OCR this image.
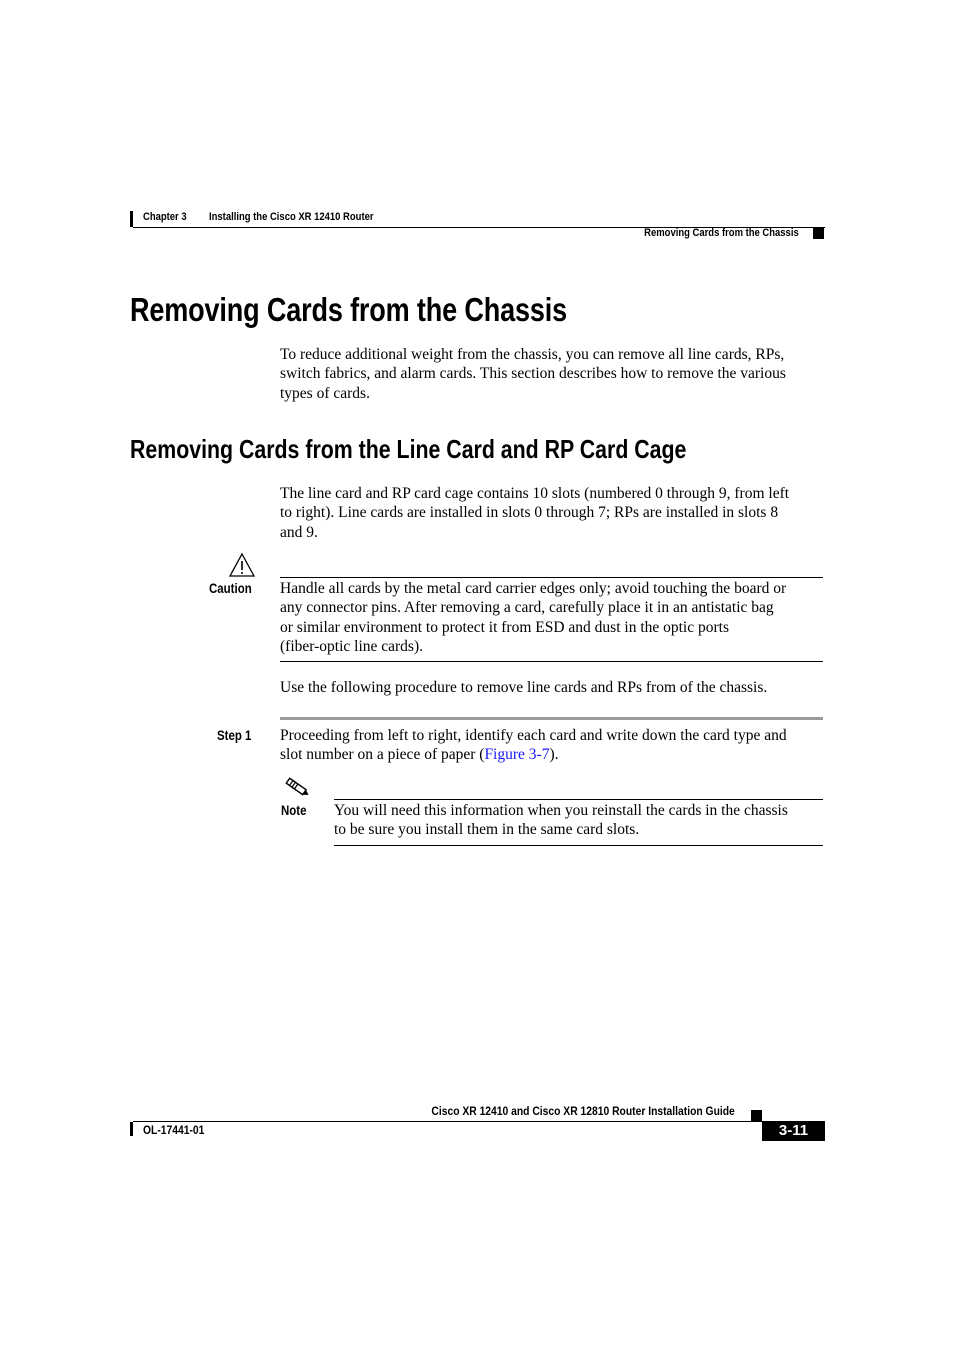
Chapter 3 Installing the Cisco XR 12410 Router
Removing Cards from the Chassis
Removing Cards from the Chassis

To reduce additional weight from the chassis, you can remove all line cards, RPs,

switch fabrics, and alarm cards. This section describes how to remove the various

types of cards.

Removing Cards from the Line Card and RP Card Cage

The line card and RP card cage contains 10 slots (numbered 0 through 9, from left

to right). Line cards are installed in slots 0 through 7; RPs are installed in slots 8

and 9.

Caution Handle all cards by the metal card carrier edges only; avoid touching the board or

any connector pins. After removing a card, carefully place it in an antistatic bag

or similar environment to protect it from ESD and dust in the optic ports

(fiber-optic line cards).

Use the following procedure to remove line cards and RPs from of the chassis.

Step 1 Proceeding from left to right, identify each card and write down the card type and

slot number on a piece of paper (Figure 3-7).

Note You will need this information when you reinstall the cards in the chassis

to be sure you install them in the same card slots.

Cisco XR 12410 and Cisco XR 12810 Router Installation Guide
3-11
OL-17441-01
